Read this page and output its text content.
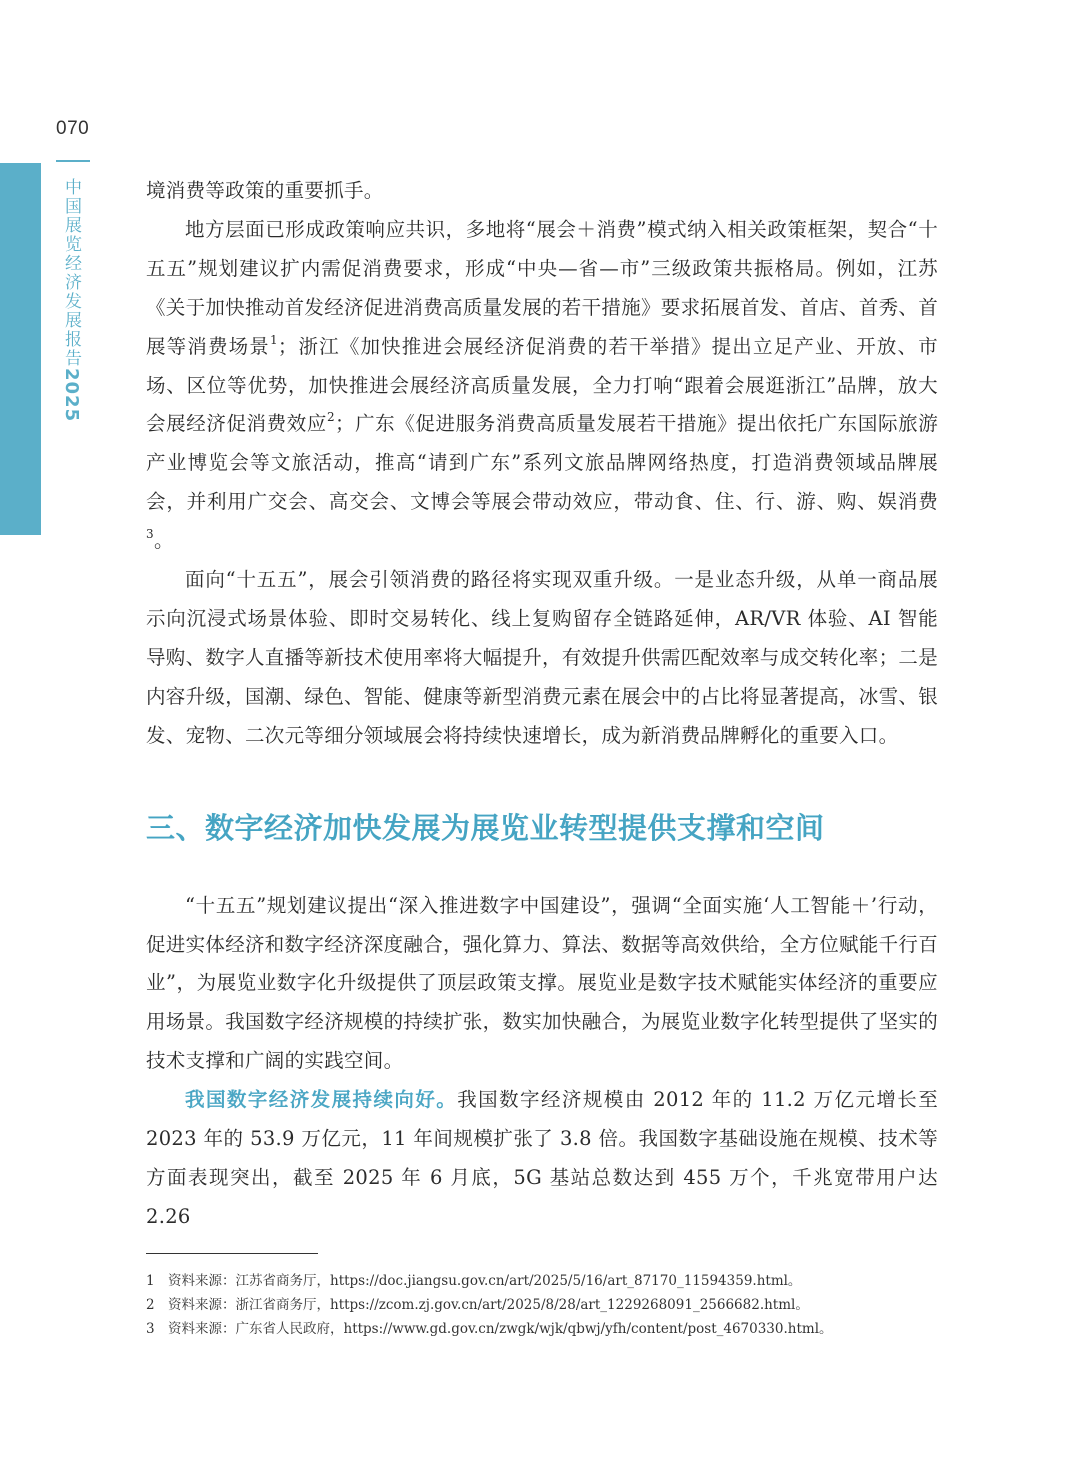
070
中国展览经济发展报告2025

境消费等政策的重要抓手。

地方层面已形成政策响应共识，多地将“展会＋消费”模式纳入相关政策框架，契合“十五五”规划建议扩内需促消费要求，形成“中央—省—市”三级政策共振格局。例如，江苏《关于加快推动首发经济促进消费高质量发展的若干措施》要求拓展首发、首店、首秀、首展等消费场景$^1$；浙江《加快推进会展经济促消费的若干举措》提出立足产业、开放、市场、区位等优势，加快推进会展经济高质量发展，全力打响“跟着会展逛浙江”品牌，放大会展经济促消费效应$^2$；广东《促进服务消费高质量发展若干措施》提出依托广东国际旅游产业博览会等文旅活动，推高“请到广东”系列文旅品牌网络热度，打造消费领域品牌展会，并利用广交会、高交会、文博会等展会带动效应，带动食、住、行、游、购、娱消费$^3$。

面向“十五五”，展会引领消费的路径将实现双重升级。一是业态升级，从单一商品展示向沉浸式场景体验、即时交易转化、线上复购留存全链路延伸，AR/VR 体验、AI 智能导购、数字人直播等新技术使用率将大幅提升，有效提升供需匹配效率与成交转化率；二是内容升级，国潮、绿色、智能、健康等新型消费元素在展会中的占比将显著提高，冰雪、银发、宠物、二次元等细分领域展会将持续快速增长，成为新消费品牌孵化的重要入口。

三、数字经济加快发展为展览业转型提供支撑和空间

“十五五”规划建议提出“深入推进数字中国建设”，强调“全面实施‘人工智能＋’行动，促进实体经济和数字经济深度融合，强化算力、算法、数据等高效供给，全方位赋能千行百业”，为展览业数字化升级提供了顶层政策支撑。展览业是数字技术赋能实体经济的重要应用场景。我国数字经济规模的持续扩张，数实加快融合，为展览业数字化转型提供了坚实的技术支撑和广阔的实践空间。

我国数字经济发展持续向好。我国数字经济规模由 2012 年的 11.2 万亿元增长至 2023 年的 53.9 万亿元，11 年间规模扩张了 3.8 倍。我国数字基础设施在规模、技术等方面表现突出，截至 2025 年 6 月底，5G 基站总数达到 455 万个，千兆宽带用户达 2.26

1 资料来源：江苏省商务厅，https://doc.jiangsu.gov.cn/art/2025/5/16/art_87170_11594359.html。
2 资料来源：浙江省商务厅，https://zcom.zj.gov.cn/art/2025/8/28/art_1229268091_2566682.html。
3 资料来源：广东省人民政府，https://www.gd.gov.cn/zwgk/wjk/qbwj/yfh/content/post_4670330.html。
